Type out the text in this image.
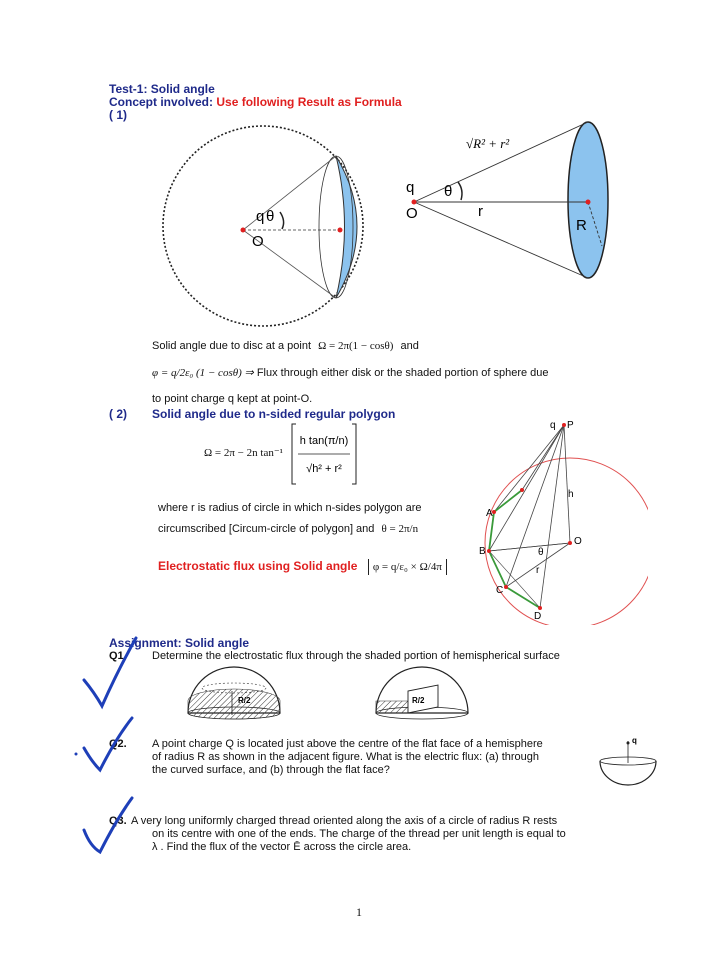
Test-1: Solid angle
Concept involved: Use following Result as Formula
( 1)
q θ
O
√R² + r²
q θ
O	r
R
Solid angle due to disc at a point Ω = 2π(1 − cosθ) and
φ = q/2ε₀ (1 − cosθ) ⇒ Flux through either disk or the shaded portion of sphere due
to point charge q kept at point-O.
( 2) Solid angle due to n-sided regular polygon
Ω = 2π − 2n tan⁻¹
h tan(π/n)
√h² + r²
where r is radius of circle in which n-sides polygon are
circumscribed [Circum-circle of polygon] and θ = 2π/n
Electrostatic flux using Solid angle φ = q/ε₀ × Ω/4π
q P
h
A
B
C
D
O
θ
r
Assignment: Solid angle
Q1. Determine the electrostatic flux through the shaded portion of hemispherical surface
R/2	R/2
Q2. A point charge Q is located just above the centre of the flat face of a hemisphere
of radius R as shown in the adjacent figure. What is the electric flux: (a) through
the curved surface, and (b) through the flat face?
q
Q3. A very long uniformly charged thread oriented along the axis of a circle of radius R rests
on its centre with one of the ends. The charge of the thread per unit length is equal to
λ . Find the flux of the vector Ē across the circle area.
1
